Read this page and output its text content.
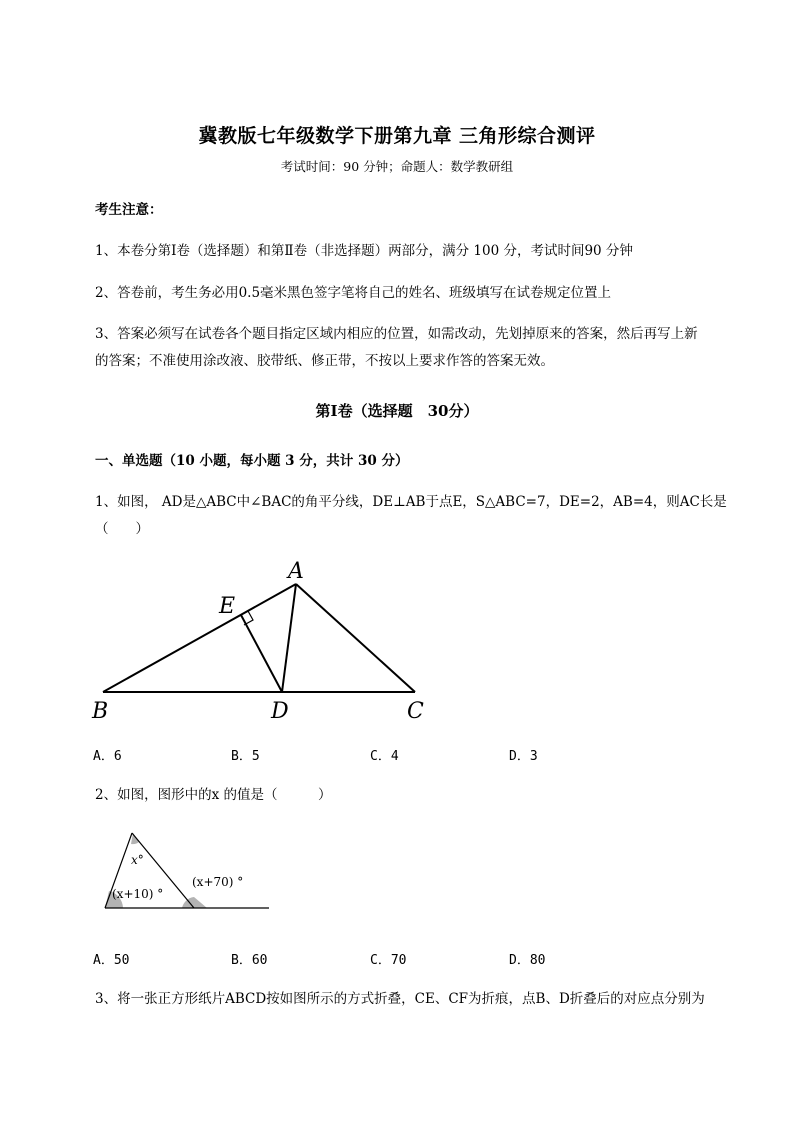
冀教版七年级数学下册第九章 三角形综合测评
考试时间：90 分钟；命题人：数学教研组
考生注意：
1、本卷分第Ⅰ卷（选择题）和第Ⅱ卷（非选择题）两部分，满分 100 分，考试时间90 分钟
2、答卷前，考生务必用0.5毫米黑色签字笔将自己的姓名、班级填写在试卷规定位置上
3、答案必须写在试卷各个题目指定区域内相应的位置，如需改动，先划掉原来的答案，然后再写上新
的答案；不准使用涂改液、胶带纸、修正带，不按以上要求作答的答案无效。
第Ⅰ卷（选择题　30分）
一、单选题（10 小题，每小题 3 分，共计 30 分）
1、如图， AD是△ABC中∠BAC的角平分线，DE⊥AB于点E，S△ABC=7，DE=2，AB=4，则AC长是
（　　）
A
E
B	D	C
A．6	B．5	C．4	D．3
2、如图，图形中的x 的值是（　　　）
x°
(x+10) °
(x+70) °
A．50	B．60	C．70	D．80
3、将一张正方形纸片ABCD按如图所示的方式折叠，CE、CF为折痕，点B、D折叠后的对应点分别为
